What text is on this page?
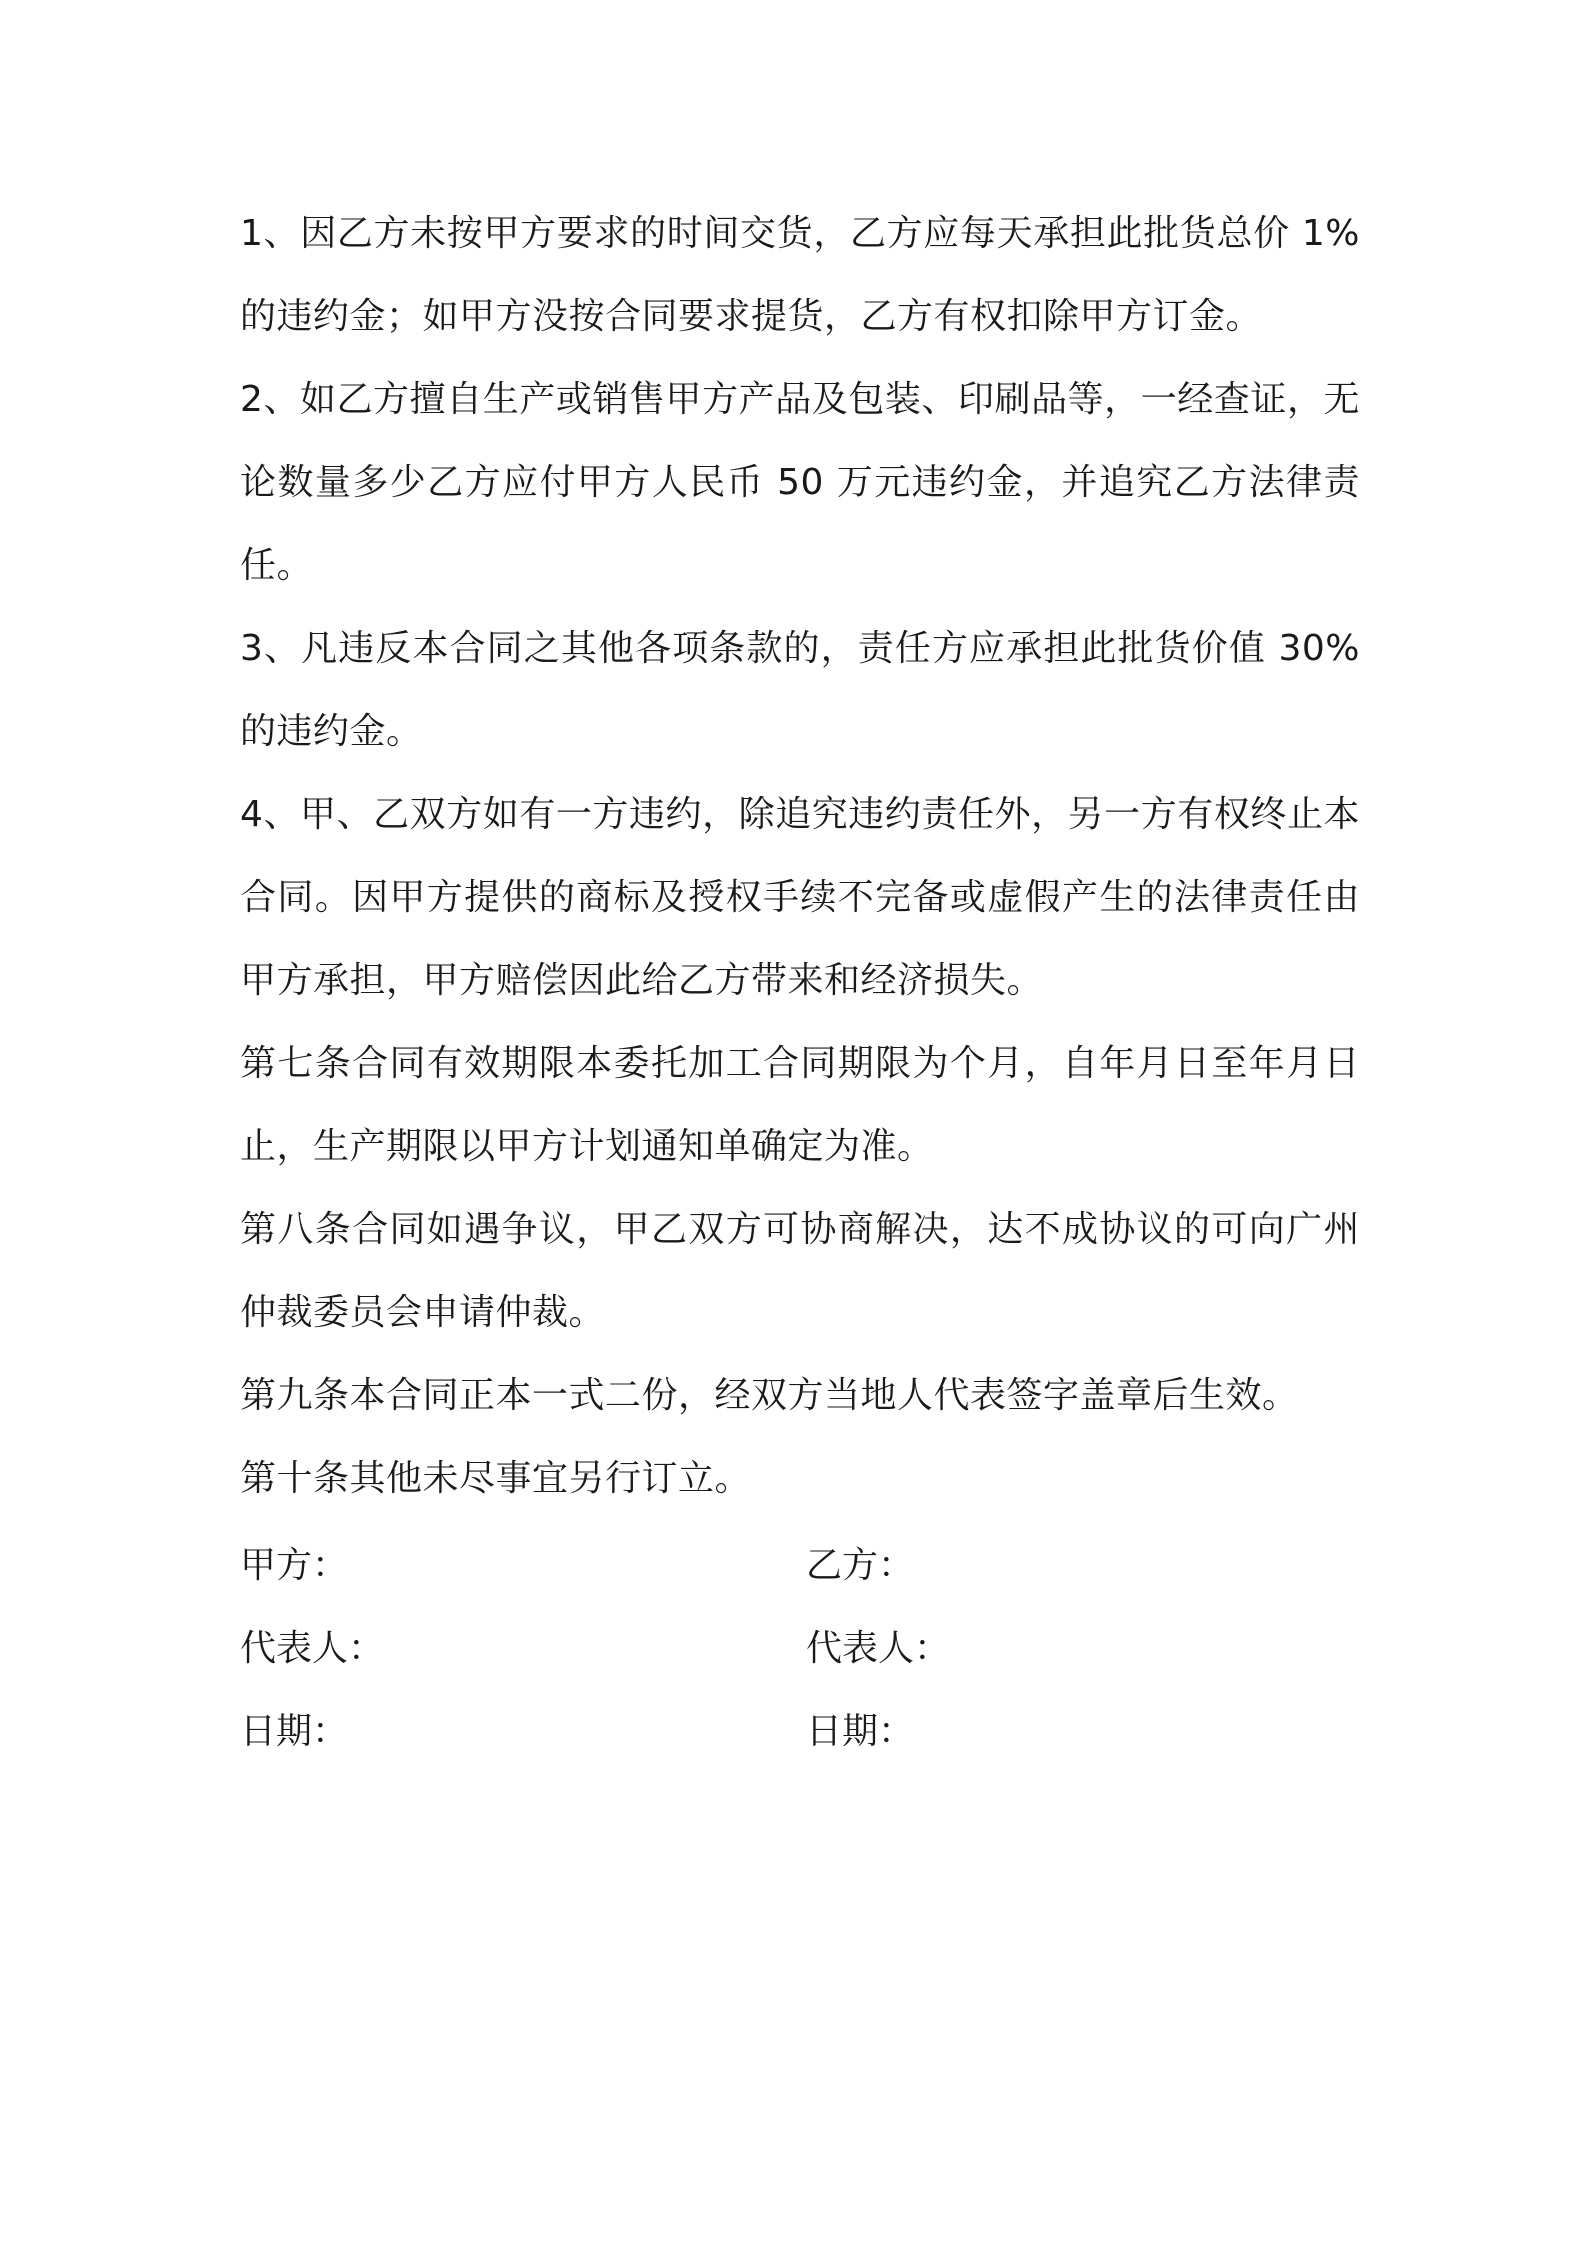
1、因乙方未按甲方要求的时间交货，乙方应每天承担此批货总价 1%的违约金；如甲方没按合同要求提货，乙方有权扣除甲方订金。

2、如乙方擅自生产或销售甲方产品及包装、印刷品等，一经查证，无论数量多少乙方应付甲方人民币 50 万元违约金，并追究乙方法律责任。

3、凡违反本合同之其他各项条款的，责任方应承担此批货价值 30%的违约金。

4、甲、乙双方如有一方违约，除追究违约责任外，另一方有权终止本合同。因甲方提供的商标及授权手续不完备或虚假产生的法律责任由甲方承担，甲方赔偿因此给乙方带来和经济损失。

第七条合同有效期限本委托加工合同期限为个月，自年月日至年月日止，生产期限以甲方计划通知单确定为准。

第八条合同如遇争议，甲乙双方可协商解决，达不成协议的可向广州仲裁委员会申请仲裁。

第九条本合同正本一式二份，经双方当地人代表签字盖章后生效。

第十条其他未尽事宜另行订立。

甲方：	乙方：
代表人：	代表人：
日期：	日期：
